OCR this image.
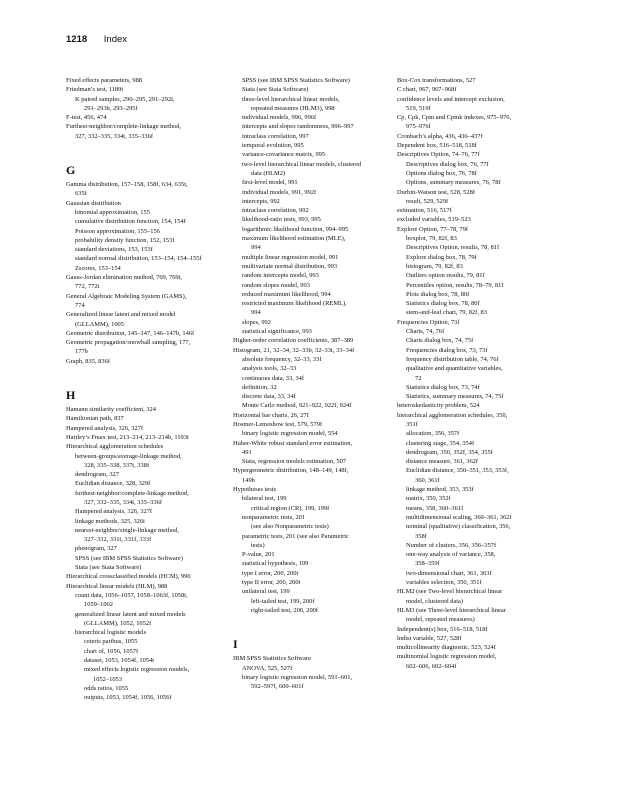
1218 Index
Fixed effects parameters, 988
Friedman’s test, 1189t
K paired samples, 290–295, 291–292t,
291–293b, 293–295f
F-test, 456, 474
Furthest-neighbor/complete-linkage method,
327, 332–335, 334t, 335–336f
G
Gamma distribution, 157–158, 158f, 634, 635t,
635f
Gaussian distribution
binomial approximation, 155
cumulative distribution function, 154, 154f
Poisson approximation, 155–156
probability density function, 152, 153f
standard deviations, 153, 153f
standard normal distribution, 153–154, 154–155f
Zscores, 153–154
Gauss-Jordan elimination method, 769, 769t,
772, 772t
General Algebraic Modeling System (GAMS),
774
Generalized linear latent and mixed model
(GLLAMM), 1005
Geometric distribution, 145–147, 146–147b, 146f
Geometric propagation/snowball sampling, 177,
177b
Graph, 835, 836f
H
Hamann similarity coefficient, 324
Hamiltonian path, 837
Hampered analysis, 326, 327f
Hartley’s Fmax test, 213–214, 213–214b, 1193t
Hierarchical agglomeration schedules
between-groups/average-linkage method,
328, 335–338, 337t, 338f
dendrogram, 327
Euclidian distance, 328, 329f
furthest-neighbor/complete-linkage method,
327, 332–335, 334t, 335–336f
Hampered analysis, 326, 327f
linkage methods, 325, 326t
nearest-neighbor/single-linkage method,
327–332, 331t, 331f, 333f
phenogram, 327
SPSS (see IBM SPSS Statistics Software)
Stata (see Stata Software)
Hierarchical crossclassified models (HCM), 990
Hierarchical linear models (HLM), 988
count data, 1056–1057, 1058–1063f, 1058t,
1059–1062
generalized linear latent and mixed models
(GLLAMM), 1052, 1052f
hierarchical logistic models
ceteris paribus, 1055
chart of, 1056, 1057f
dataset, 1053, 1054f, 1054t
mixed effects logistic regression models,
1052–1053
odds ratios, 1055
outputs, 1053, 1054f, 1056, 1056f
SPSS (see IBM SPSS Statistics Software)
Stata (see Stata Software)
three-level hierarchical linear models,
repeated measures (HLM3), 998
individual models, 996, 996f
intercepts and slopes randomness, 996–997
intraclass correlation, 997
temporal evolution, 995
variance-covariance matrix, 995
two-level hierarchical linear models, clustered
data (HLM2)
first-level model, 991
individual models, 991, 992f
intercepts, 992
intraclass correlation, 992
likelihood-ratio tests, 993, 995
logarithmic likelihood function, 994–995
maximum likelihood estimation (MLE),
994
multiple linear regression model, 991
multivariate normal distribution, 993
random intercepts model, 993
random slopes model, 993
reduced maximum likelihood, 994
restricted maximum likelihood (REML),
994
slopes, 992
statistical significance, 993
Higher-order correlation coefficients, 387–389
Histogram, 21, 32–34, 32–33b, 32–33t, 33–34f
absolute frequency, 32–33, 33f
analysis tools, 32–33
continuous data, 33, 34f
definition, 32
discrete data, 33, 34f
Monte Carlo method, 921–922, 922f, 924f
Horizontal bar charts, 26, 27f
Hosmer-Lemeshow test, 579, 579f
binary logistic regression model, 554
Huber-White robust standard error estimation,
491
Stata, regression models estimation, 507
Hypergeometric distribution, 148–149, 148f,
149b
Hypotheses tests
bilateral test, 199
critical region (CR), 199, 199f
nonparametric tests, 201
(see also Nonparametric tests)
parametric tests, 201 (see also Parametric
tests)
P-value, 201
statistical hypothesis, 199
type I error, 200, 200t
type II error, 200, 200t
unilateral test, 199
left-tailed test, 199, 200f
right-tailed test, 200, 200f
I
IBM SPSS Statistics Software
ANOVA, 525, 527f
binary logistic regression model, 591–601,
592–597f, 600–601f
Box-Cox transformations, 527
C chart, 967, 967–968f
confidence levels and intercept exclusion,
519, 519f
Cp, Cpk, Cpm and Cpmk indexes, 975–976,
975–976f
Cronbach’s alpha, 436, 436–437f
Dependent box, 516–518, 518f
Descriptives Option, 74–76, 77f
Descriptives dialog box, 76, 77f
Options dialog box, 76, 78f
Options, summary measures, 76, 78f
Durbin-Watson test, 528, 528f
result, 529, 529f
estimation, 516, 517f
excluded variables, 519–523
Explore Option, 77–78, 79f
boxplot, 79, 82f, 83
Descriptives Option, results, 78, 81f
Explore dialog box, 78, 79f
histogram, 79, 82f, 83
Outliers option results, 79, 81f
Percentiles option, results, 78–79, 81f
Plots dialog box, 78, 80f
Statistics dialog box, 78, 80f
stem-and-leaf chart, 79, 82f, 83
Frequencies Option, 73f
Charts, 74, 76f
Charts dialog box, 74, 75f
Frequencies dialog box, 73, 73f
frequency distribution table, 74, 76f
qualitative and quantitative variables,
72
Statistics dialog box, 73, 74f
Statistics, summary measures, 74, 75f
heteroskedasticity problem, 524
hierarchical agglomeration schedules, 350,
351f
allocation, 356, 357f
clustering stage, 354, 354f
dendrogram, 350, 352f, 354, 355f
distance measure, 361, 362f
Euclidian distance, 350–351, 353, 353f,
360, 361f
linkage method, 353, 353f
matrix, 350, 352f
means, 358, 360–361f
multidimensional scaling, 360–361, 362f
nominal (qualitative) classification, 356,
358f
Number of clusters, 356, 356–357f
one-way analysis of variance, 358,
358–359f
two-dimensional chart, 361, 363f
variables selection, 350, 351f
HLM2 (see Two-level hierarchical linear
model, clustered data)
HLM3 (see Three-level hierarchical linear
model, repeated measures)
Independent(s) box, 516–518, 518f
lndist variable, 527, 528f
multicollinearity diagnostic, 523, 524f
multinomial logistic regression model,
602–606, 602–604f
